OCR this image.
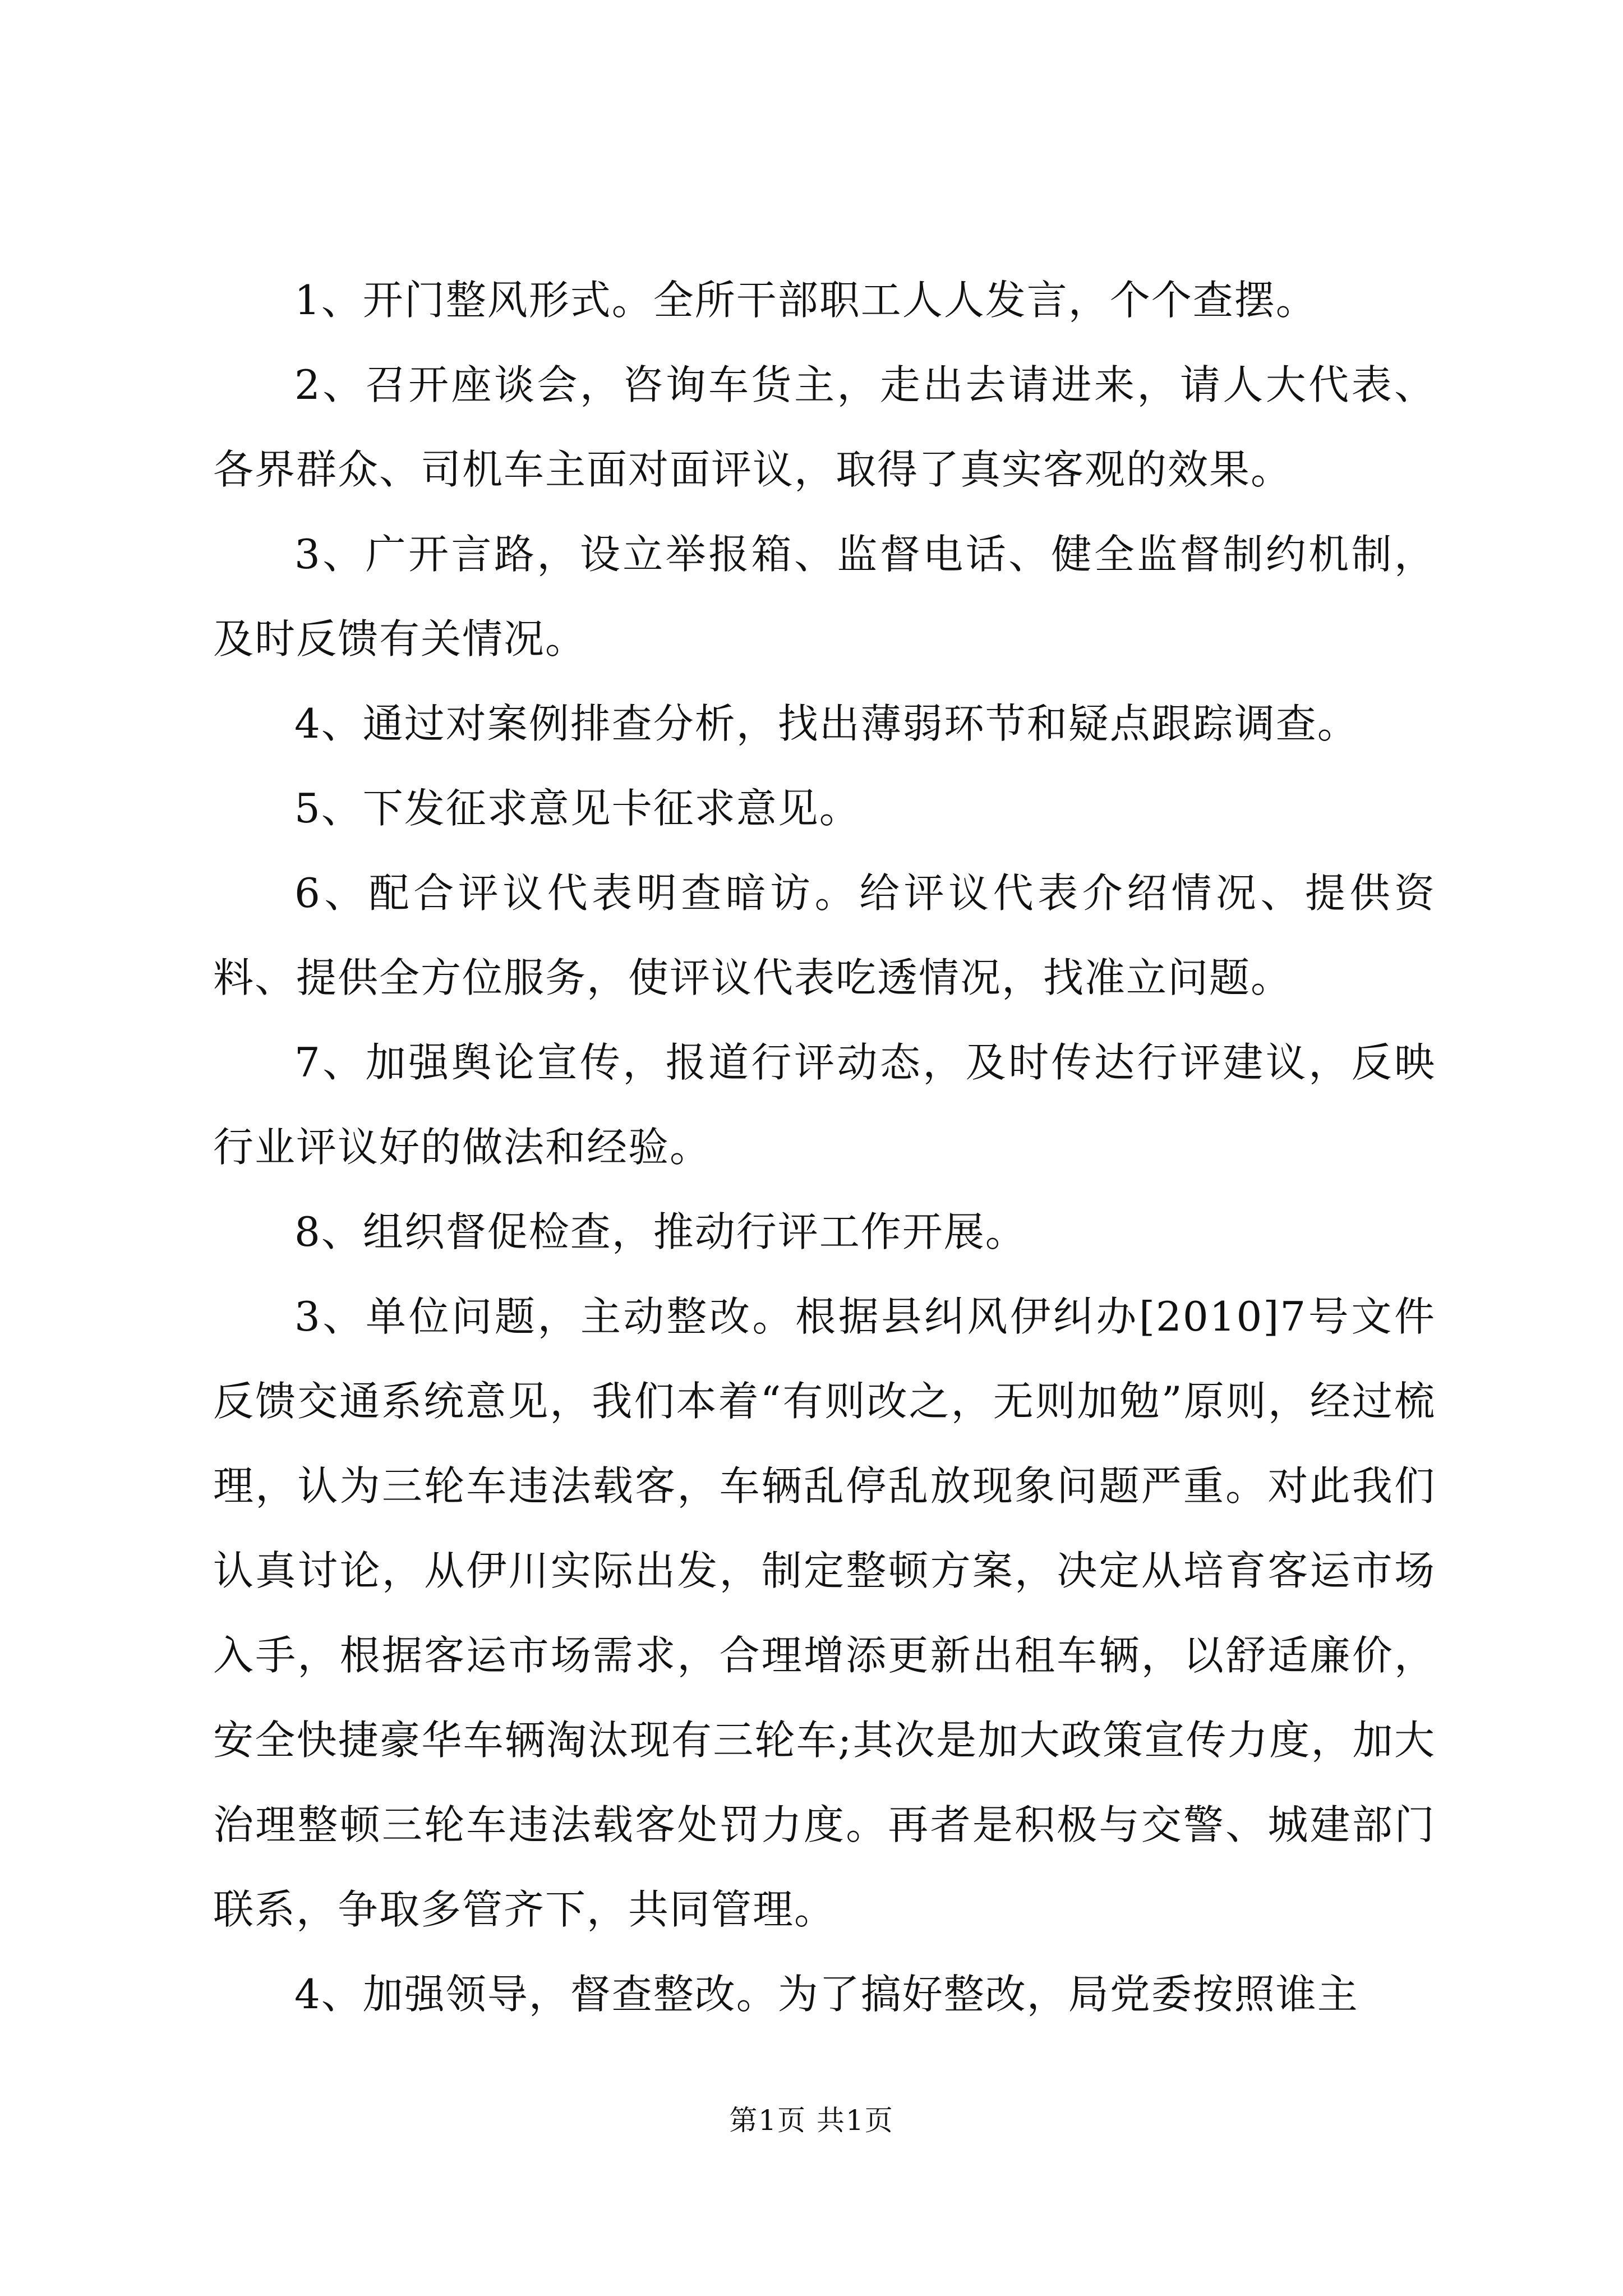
1、开门整风形式。全所干部职工人人发言，个个查摆。

2、召开座谈会，咨询车货主，走出去请进来，请人大代表、各界群众、司机车主面对面评议，取得了真实客观的效果。

3、广开言路，设立举报箱、监督电话、健全监督制约机制，及时反馈有关情况。

4、通过对案例排查分析，找出薄弱环节和疑点跟踪调查。

5、下发征求意见卡征求意见。

6、配合评议代表明查暗访。给评议代表介绍情况、提供资料、提供全方位服务，使评议代表吃透情况，找准立问题。

7、加强舆论宣传，报道行评动态，及时传达行评建议，反映行业评议好的做法和经验。

8、组织督促检查，推动行评工作开展。

3、单位问题，主动整改。根据县纠风伊纠办[2010]7号文件反馈交通系统意见，我们本着“有则改之，无则加勉”原则，经过梳理，认为三轮车违法载客，车辆乱停乱放现象问题严重。对此我们认真讨论，从伊川实际出发，制定整顿方案，决定从培育客运市场入手，根据客运市场需求，合理增添更新出租车辆，以舒适廉价，安全快捷豪华车辆淘汰现有三轮车;其次是加大政策宣传力度，加大治理整顿三轮车违法载客处罚力度。再者是积极与交警、城建部门联系，争取多管齐下，共同管理。

4、加强领导，督查整改。为了搞好整改，局党委按照谁主

第1页 共1页
